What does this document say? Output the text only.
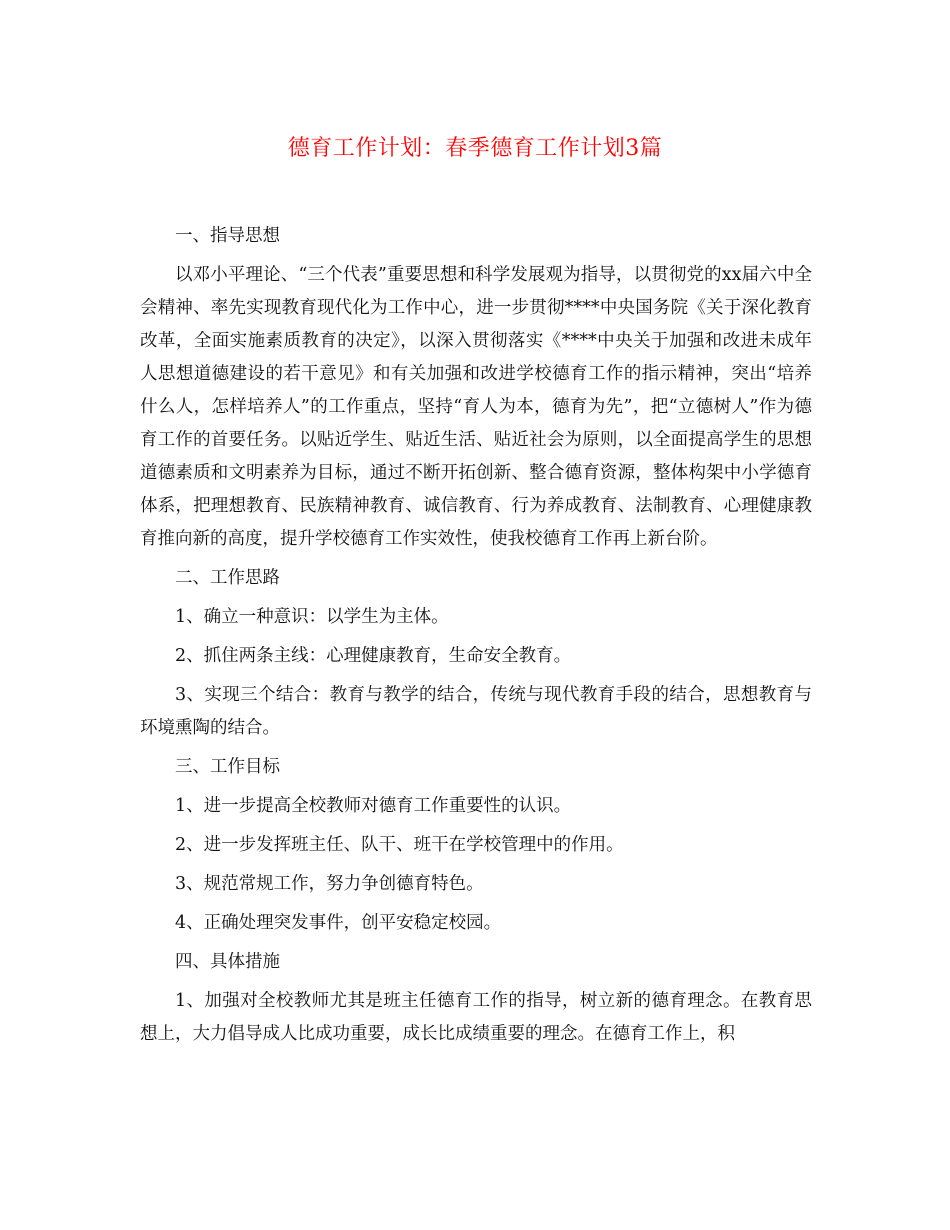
德育工作计划：春季德育工作计划3篇

一、指导思想

以邓小平理论、“三个代表”重要思想和科学发展观为指导，以贯彻党的xx届六中全会精神、率先实现教育现代化为工作中心，进一步贯彻****中央国务院《关于深化教育改革，全面实施素质教育的决定》，以深入贯彻落实《****中央关于加强和改进未成年人思想道德建设的若干意见》和有关加强和改进学校德育工作的指示精神，突出“培养什么人，怎样培养人”的工作重点，坚持“育人为本，德育为先”，把“立德树人”作为德育工作的首要任务。以贴近学生、贴近生活、贴近社会为原则，以全面提高学生的思想道德素质和文明素养为目标，通过不断开拓创新、整合德育资源，整体构架中小学德育体系，把理想教育、民族精神教育、诚信教育、行为养成教育、法制教育、心理健康教育推向新的高度，提升学校德育工作实效性，使我校德育工作再上新台阶。

二、工作思路

1、确立一种意识：以学生为主体。

2、抓住两条主线：心理健康教育，生命安全教育。

3、实现三个结合：教育与教学的结合，传统与现代教育手段的结合，思想教育与环境熏陶的结合。

三、工作目标

1、进一步提高全校教师对德育工作重要性的认识。

2、进一步发挥班主任、队干、班干在学校管理中的作用。

3、规范常规工作，努力争创德育特色。

4、正确处理突发事件，创平安稳定校园。

四、具体措施

1、加强对全校教师尤其是班主任德育工作的指导，树立新的德育理念。在教育思想上，大力倡导成人比成功重要，成长比成绩重要的理念。在德育工作上，积
